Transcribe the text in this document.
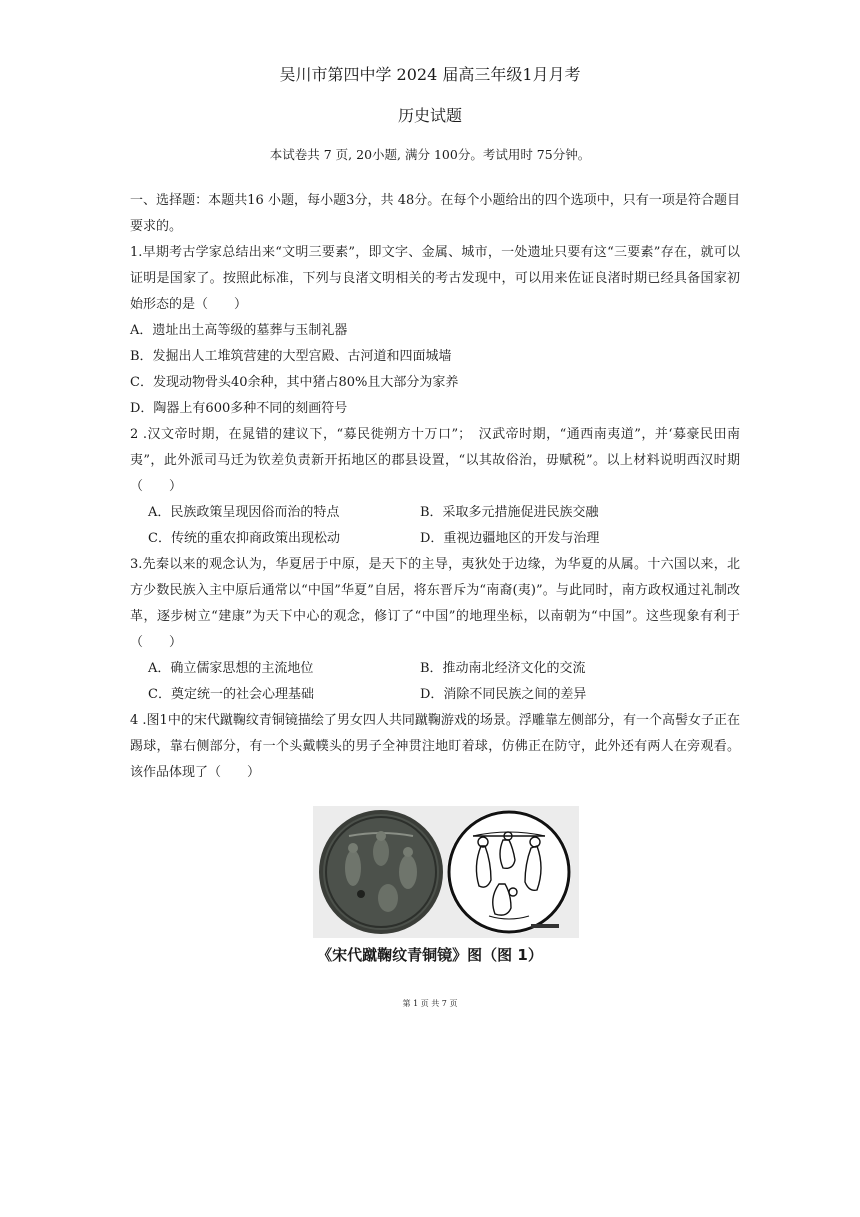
吴川市第四中学 2024 届高三年级1月月考
历史试题
本试卷共 7 页, 20小题, 满分 100分。考试用时 75分钟。

一、选择题：本题共16 小题，每小题3分，共 48分。在每个小题给出的四个选项中，只有一项是符合题目要求的。

1.早期考古学家总结出来“文明三要素”，即文字、金属、城市，一处遗址只要有这“三要素”存在，就可以证明是国家了。按照此标准，下列与良渚文明相关的考古发现中，可以用来佐证良渚时期已经具备国家初始形态的是（　　）

A．遗址出土高等级的墓葬与玉制礼器

B．发掘出人工堆筑营建的大型宫殿、古河道和四面城墙

C．发现动物骨头40余种，其中猪占80%且大部分为家养

D．陶器上有600多种不同的刻画符号

2 .汉文帝时期，在晁错的建议下，“募民徙朔方十万口”；　汉武帝时期，“通西南夷道”，并‘募豪民田南夷”，此外派司马迁为钦差负责新开拓地区的郡县设置，“以其故俗治，毋赋税”。以上材料说明西汉时期（　　）

A．民族政策呈现因俗而治的特点	B．采取多元措施促进民族交融
C．传统的重农抑商政策出现松动	D．重视边疆地区的开发与治理

3.先秦以来的观念认为，华夏居于中原，是天下的主导，夷狄处于边缘，为华夏的从属。十六国以来，北方少数民族入主中原后通常以“中国”华夏”自居，将东晋斥为“南裔(夷)”。与此同时，南方政权通过礼制改革，逐步树立“建康”为天下中心的观念，修订了“中国”的地理坐标，以南朝为“中国”。这些现象有利于（　　）

A．确立儒家思想的主流地位	B．推动南北经济文化的交流
C．奠定统一的社会心理基础	D．消除不同民族之间的差异

4 .图1中的宋代蹴鞠纹青铜镜描绘了男女四人共同蹴鞠游戏的场景。浮雕靠左侧部分，有一个高髻女子正在踢球，靠右侧部分，有一个头戴幞头的男子全神贯注地盯着球，仿佛正在防守，此外还有两人在旁观看。该作品体现了（　　）

《宋代蹴鞠纹青铜镜》图（图 1）
第 1 页 共 7 页
